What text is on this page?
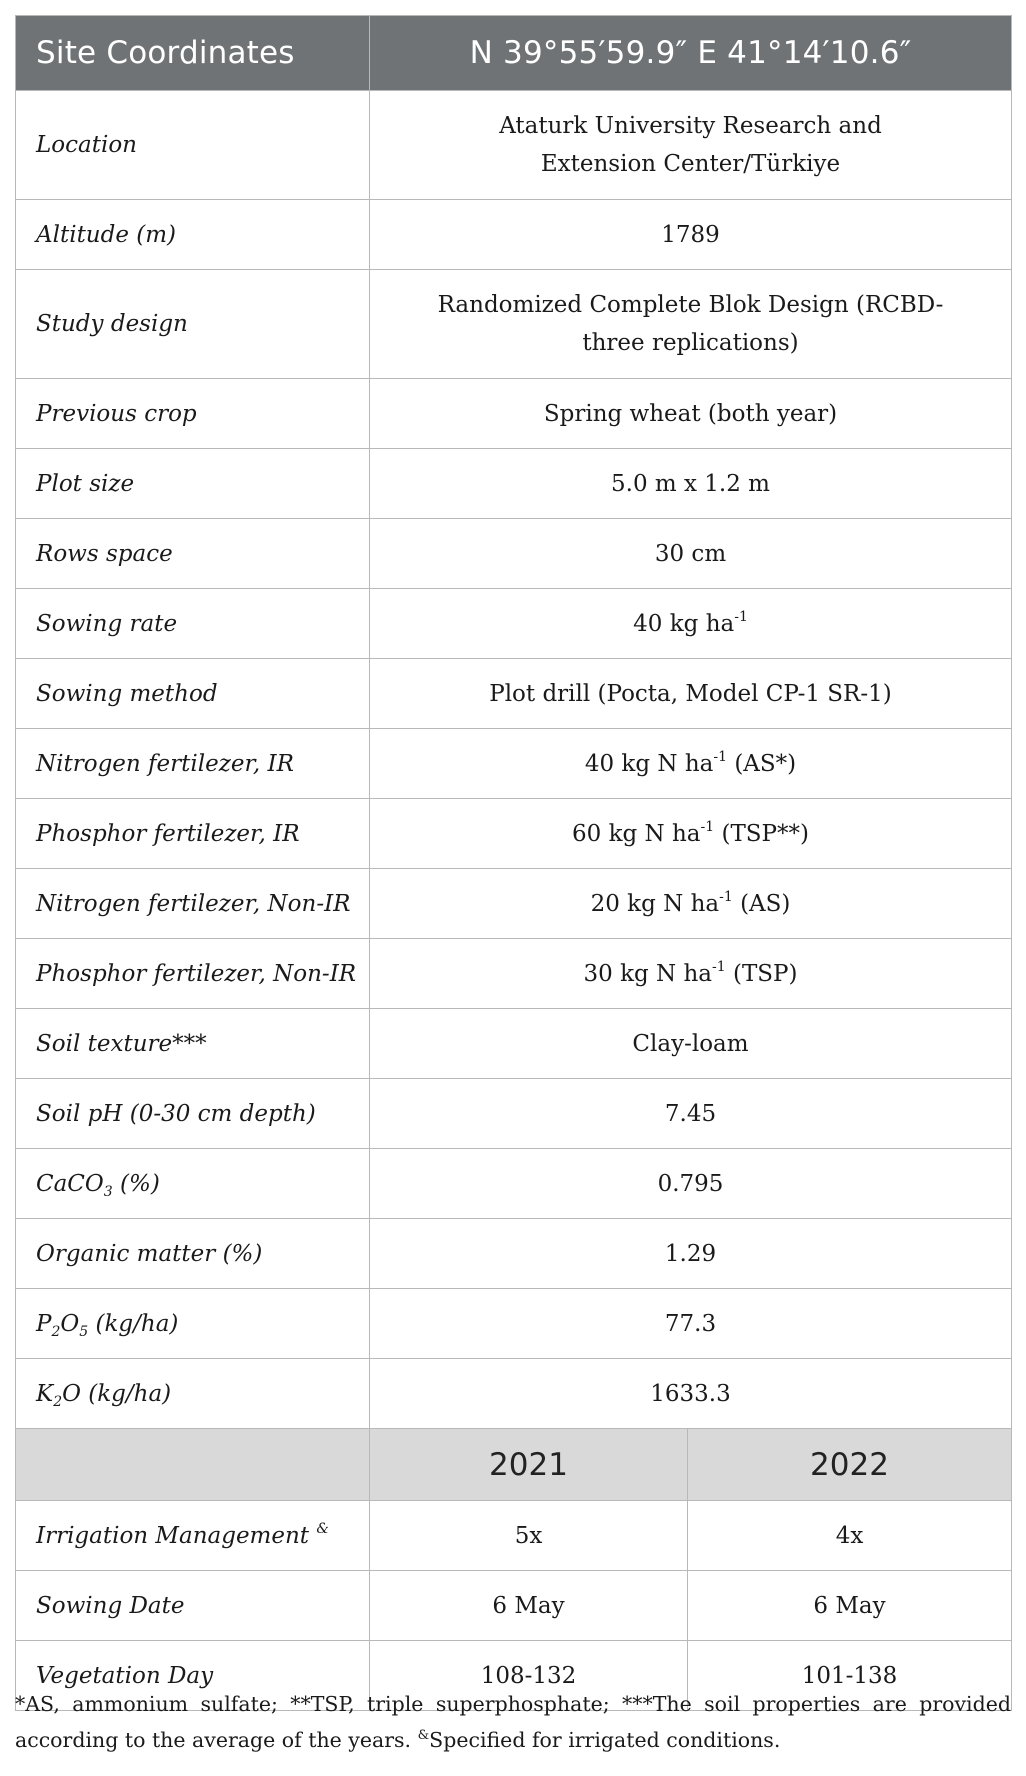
Site Coordinates	N 39°55′59.9″ E 41°14′10.6″	
Location	Ataturk University Research and Extension Center/Türkiye	
Altitude (m)	1789	
Study design	Randomized Complete Blok Design (RCBD-three replications)	
Previous crop	Spring wheat (both year)	
Plot size	5.0 m x 1.2 m	
Rows space	30 cm	
Sowing rate	40 kg $ha^{-1}$
Sowing method	Plot drill (Pocta, Model CP-1 SR-1)	
Nitrogen fertilezer, IR	40 kg N $ha^{-1}$ (AS*)	
Phosphor fertilezer, IR	60 kg N $ha^{-1}$ (TSP**)	
Nitrogen fertilezer, Non-IR	20 kg N $ha^{-1}$ (AS)	
Phosphor fertilezer, Non-IR	30 kg N $ha^{-1}$ (TSP)	
Soil texture***	Clay-loam	
Soil pH (0-30 cm depth)	7.45	
CaCO$_3$ (%)	0.795	
Organic matter (%)	1.29	
$P_2O_5$ (kg/ha)	77.3	
$K_2O$ (kg/ha)	1633.3	
	2021	2022
Irrigation Management &	5x	4x
Sowing Date	6 May	6 May
Vegetation Day	108-132	101-138
*AS, ammonium sulfate; **TSP, triple superphosphate; ***The soil properties are provided according to the average of the years. &Specified for irrigated conditions.
